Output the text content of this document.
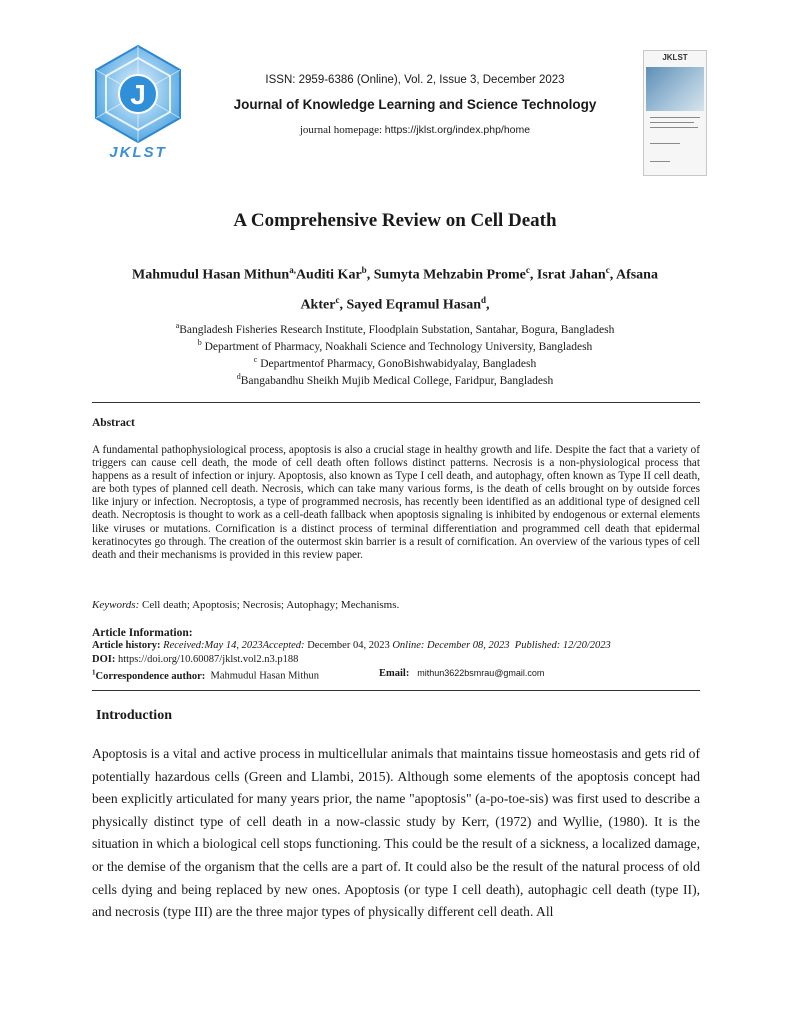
J
JKLST
ISSN: 2959-6386 (Online), Vol. 2, Issue 3, December 2023
Journal of Knowledge Learning and Science Technology
journal homepage: https://jklst.org/index.php/home
JKLST
A Comprehensive Review on Cell Death
Mahmudul Hasan Mithun$^{a,}$Auditi Kar$^b$, Sumyta Mehzabin Prome$^c$, Israt Jahan$^c$, Afsana
Akter$^c$, Sayed Eqramul Hasan$^d$,
$^a$Bangladesh Fisheries Research Institute, Floodplain Substation, Santahar, Bogura, Bangladesh
$^b$ Department of Pharmacy, Noakhali Science and Technology University, Bangladesh
$^c$ Departmentof Pharmacy, GonoBishwabidyalay, Bangladesh
$^d$Bangabandhu Sheikh Mujib Medical College, Faridpur, Bangladesh
Abstract
A fundamental pathophysiological process, apoptosis is also a crucial stage in healthy growth and life. Despite the fact that a variety of triggers can cause cell death, the mode of cell death often follows distinct patterns. Necrosis is a non-physiological process that happens as a result of infection or injury. Apoptosis, also known as Type I cell death, and autophagy, often known as Type II cell death, are both types of planned cell death. Necrosis, which can take many various forms, is the death of cells brought on by outside forces like injury or infection. Necroptosis, a type of programmed necrosis, has recently been identified as an additional type of designed cell death. Necroptosis is thought to work as a cell-death fallback when apoptosis signaling is inhibited by endogenous or external elements like viruses or mutations. Cornification is a distinct process of terminal differentiation and programmed cell death that epidermal keratinocytes go through. The creation of the outermost skin barrier is a result of cornification. An overview of the various types of cell death and their mechanisms is provided in this review paper.
Keywords: Cell death; Apoptosis; Necrosis; Autophagy; Mechanisms.
Article Information:
Article history: Received:May 14, 2023Accepted: December 04, 2023 Online: December 08, 2023 Published: 12/20/2023
DOI: https://doi.org/10.60087/jklst.vol2.n3.p188
$^1$Correspondence author: Mahmudul Hasan Mithun	Email: mithun3622bsmrau@gmail.com
Introduction
Apoptosis is a vital and active process in multicellular animals that maintains tissue homeostasis and gets rid of potentially hazardous cells (Green and Llambi, 2015). Although some elements of the apoptosis concept had been explicitly articulated for many years prior, the name "apoptosis" (a-po-toe-sis) was first used to describe a physically distinct type of cell death in a now-classic study by Kerr, (1972) and Wyllie, (1980). It is the situation in which a biological cell stops functioning. This could be the result of a sickness, a localized damage, or the demise of the organism that the cells are a part of. It could also be the result of the natural process of old cells dying and being replaced by new ones. Apoptosis (or type I cell death), autophagic cell death (type II), and necrosis (type III) are the three major types of physically different cell death. All
